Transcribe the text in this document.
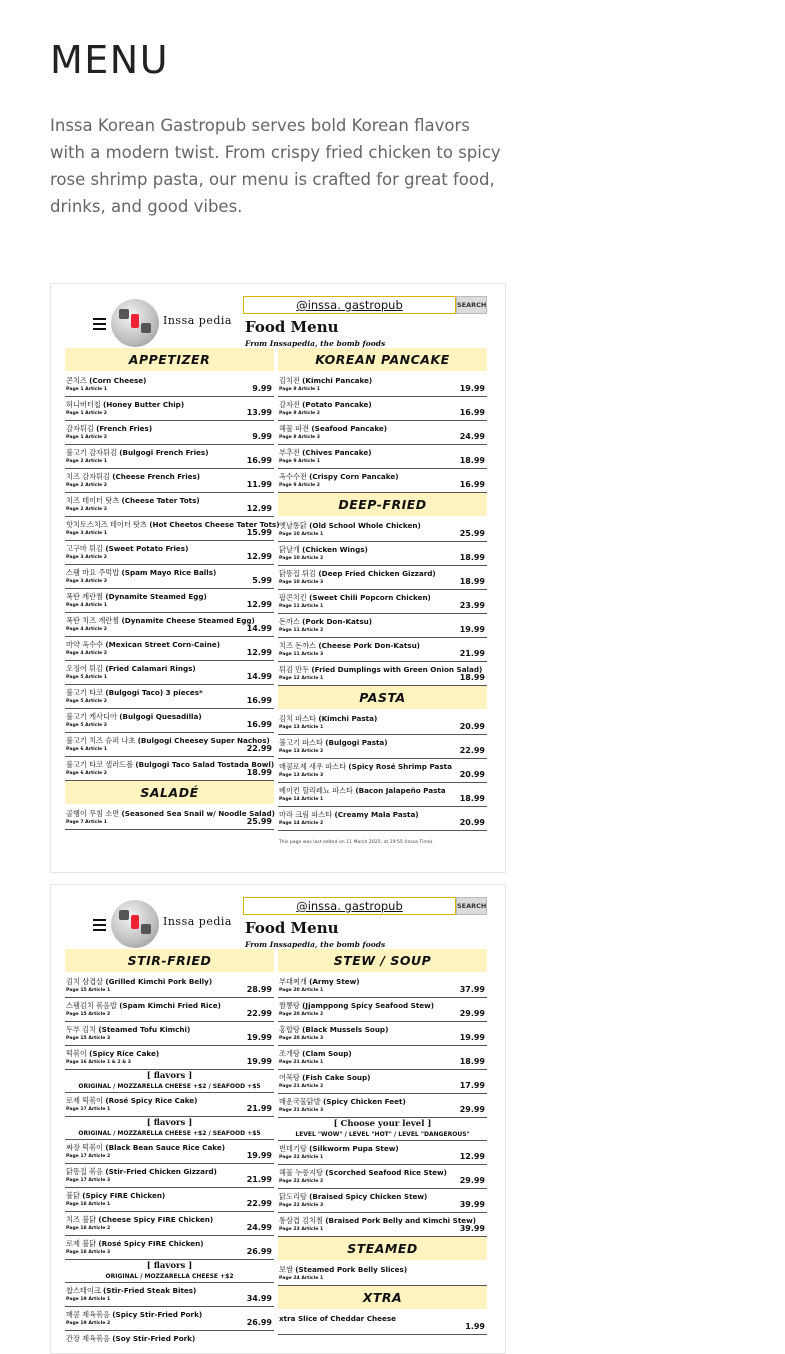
MENU

Inssa Korean Gastropub serves bold Korean flavors with a modern twist. From crispy fried chicken to spicy rose shrimp pasta, our menu is crafted for great food, drinks, and good vibes.

Inssa pedia
@inssa. gastropub	SEARCH
Food Menu
From Inssapedia, the bomb foods
APPETIZER
콘치즈 (Corn Cheese)
Page 1 Article 1	9.99
허니버터칩 (Honey Butter Chip)
Page 1 Article 2	13.99
감자튀김 (French Fries)
Page 1 Article 3	9.99
불고기 감자튀김 (Bulgogi French Fries)
Page 2 Article 1	16.99
치즈 감자튀김 (Cheese French Fries)
Page 2 Article 2	11.99
치즈 테이터 탓츠 (Cheese Tater Tots)
Page 2 Article 3	12.99
핫치토스치즈 테이터 탓츠 (Hot Cheetos Cheese Tater Tots)
Page 3 Article 1	15.99
고구마 튀김 (Sweet Potato Fries)
Page 3 Article 2	12.99
스팸 마요 주먹밥 (Spam Mayo Rice Balls)
Page 3 Article 3	5.99
폭탄 계란찜 (Dynamite Steamed Egg)
Page 4 Article 1	12.99
폭탄 치즈 계란찜 (Dynamite Cheese Steamed Egg)
Page 4 Article 2	14.99
마약 옥수수 (Mexican Street Corn-Caine)
Page 4 Article 3	12.99
오징어 튀김 (Fried Calamari Rings)
Page 5 Article 1	14.99
불고기 타코 (Bulgogi Taco) 3 pieces*
Page 5 Article 2	16.99
불고기 케사디아 (Bulgogi Quesadilla)
Page 5 Article 3	16.99
불고기 치즈 슈퍼 나초 (Bulgogi Cheesey Super Nachos)
Page 6 Article 1	22.99
불고기 타코 샐러드볼 (Bulgogi Taco Salad Tostada Bowl)
Page 6 Article 2	18.99
SALADÉ
골뱅이 무침 소면 (Seasoned Sea Snail w/ Noodle Salad)
Page 7 Article 1	25.99
KOREAN PANCAKE
김치전 (Kimchi Pancake)
Page 8 Article 1	19.99
감자전 (Potato Pancake)
Page 8 Article 2	16.99
해물 파전 (Seafood Pancake)
Page 8 Article 3	24.99
부추전 (Chives Pancake)
Page 9 Article 1	18.99
옥수수전 (Crispy Corn Pancake)
Page 9 Article 2	16.99
DEEP-FRIED
옛날통닭 (Old School Whole Chicken)
Page 10 Article 1	25.99
닭날개 (Chicken Wings)
Page 10 Article 2	18.99
닭똥집 튀김 (Deep Fried Chicken Gizzard)
Page 10 Article 3	18.99
팝콘치킨 (Sweet Chili Popcorn Chicken)
Page 11 Article 1	23.99
돈까스 (Pork Don-Katsu)
Page 11 Article 2	19.99
치즈 돈까스 (Cheese Pork Don-Katsu)
Page 11 Article 3	21.99
튀김 만두 (Fried Dumplings with Green Onion Salad)
Page 12 Article 1	18.99
PASTA
김치 파스타 (Kimchi Pasta)
Page 13 Article 1	20.99
불고기 파스타 (Bulgogi Pasta)
Page 13 Article 2	22.99
매콤로제 새우 파스타 (Spicy Rosé Shrimp Pasta
Page 13 Article 3	20.99
베이컨 할라페뇨 파스타 (Bacon Jalapeño Pasta
Page 14 Article 1	18.99
마라 크림 파스타 (Creamy Mala Pasta)
Page 14 Article 2	20.99
This page was last edited on 11 March 2025, at 19:55 (Inssa Time).
Inssa pedia
@inssa. gastropub	SEARCH
Food Menu
From Inssapedia, the bomb foods
STIR-FRIED
김치 삼겹살 (Grilled Kimchi Pork Belly)
Page 15 Article 1	28.99
스팸김치 볶음밥 (Spam Kimchi Fried Rice)
Page 15 Article 2	22.99
두부 김치 (Steamed Tofu Kimchi)
Page 15 Article 3	19.99
떡볶이 (Spicy Rice Cake)
Page 16 Article 1 & 2 & 3	19.99
[ flavors ]
ORIGINAL / MOZZARELLA CHEESE +$2 / SEAFOOD +$5
로제 떡볶이 (Rosé Spicy Rice Cake)
Page 17 Article 1	21.99
[ flavors ]
ORIGINAL / MOZZARELLA CHEESE +$2 / SEAFOOD +$5
짜장 떡볶이 (Black Bean Sauce Rice Cake)
Page 17 Article 2	19.99
닭똥집 볶음 (Stir-Fried Chicken Gizzard)
Page 17 Article 3	21.99
불닭 (Spicy FIRE Chicken)
Page 18 Article 1	22.99
치즈 불닭 (Cheese Spicy FIRE Chicken)
Page 18 Article 2	24.99
로제 불닭 (Rosé Spicy FIRE Chicken)
Page 18 Article 3	26.99
[ flavors ]
ORIGINAL / MOZZARELLA CHEESE +$2
찹스테이크 (Stir-Fried Steak Bites)
Page 19 Article 1	34.99
매콤 제육볶음 (Spicy Stir-Fried Pork)
Page 19 Article 2	26.99
간장 제육볶음 (Soy Stir-Fried Pork)
STEW / SOUP
부대찌개 (Army Stew)
Page 20 Article 1	37.99
짬뽕탕 (Jjamppong Spicy Seafood Stew)
Page 20 Article 2	29.99
홍합탕 (Black Mussels Soup)
Page 20 Article 3	19.99
조개탕 (Clam Soup)
Page 21 Article 1	18.99
어묵탕 (Fish Cake Soup)
Page 21 Article 2	17.99
매운국물닭발 (Spicy Chicken Feet)
Page 21 Article 3	29.99
[ Choose your level ]
LEVEL "WOW" / LEVEL "HOT" / LEVEL "DANGEROUS"
번데기탕 (Silkworm Pupa Stew)
Page 22 Article 1	12.99
해물 누룽지탕 (Scorched Seafood Rice Stew)
Page 22 Article 2	29.99
닭도리탕 (Braised Spicy Chicken Stew)
Page 22 Article 3	39.99
통삼겹 김치찜 (Braised Pork Belly and Kimchi Stew)
Page 23 Article 1	39.99
STEAMED
보쌈 (Steamed Pork Belly Slices)
Page 24 Article 1
XTRA
xtra Slice of Cheddar Cheese
1.99
